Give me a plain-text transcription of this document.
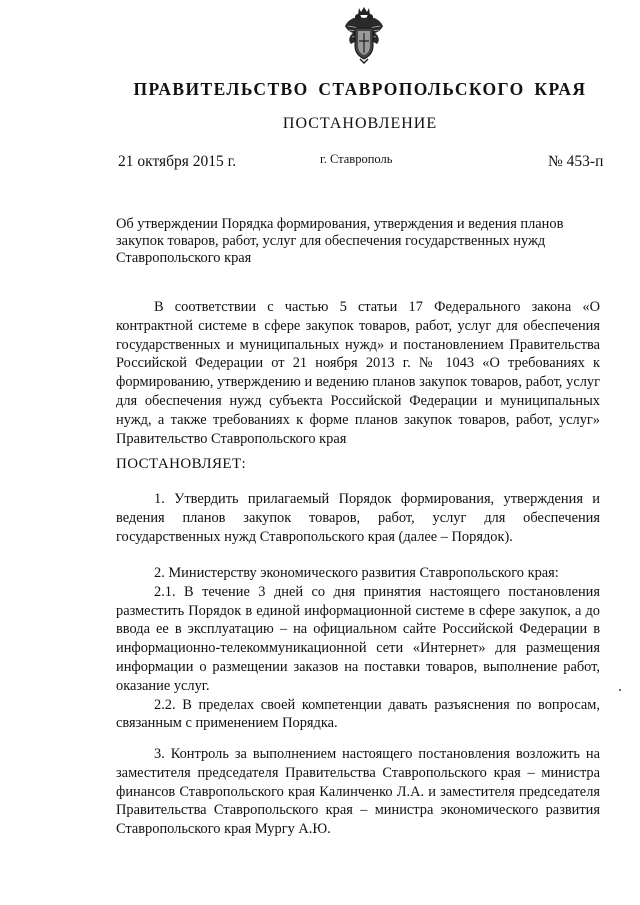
ПРАВИТЕЛЬСТВО СТАВРОПОЛЬСКОГО КРАЯ
ПОСТАНОВЛЕНИЕ
21 октября 2015 г.	г. Ставрополь	№ 453-п
Об утверждении Порядка формирования, утверждения и ведения планов закупок товаров, работ, услуг для обеспечения государственных нужд Ставропольского края

В соответствии с частью 5 статьи 17 Федерального закона «О контрактной системе в сфере закупок товаров, работ, услуг для обеспечения государственных и муниципальных нужд» и постановлением Правительства Российской Федерации от 21 ноября 2013 г. № 1043 «О требованиях к формированию, утверждению и ведению планов закупок товаров, работ, услуг для обеспечения нужд субъекта Российской Федерации и муниципальных нужд, а также требованиях к форме планов закупок товаров, работ, услуг» Правительство Ставропольского края

ПОСТАНОВЛЯЕТ:

1. Утвердить прилагаемый Порядок формирования, утверждения и ведения планов закупок товаров, работ, услуг для обеспечения государственных нужд Ставропольского края (далее – Порядок).

2. Министерству экономического развития Ставропольского края:

2.1. В течение 3 дней со дня принятия настоящего постановления разместить Порядок в единой информационной системе в сфере закупок, а до ввода ее в эксплуатацию – на официальном сайте Российской Федерации в информационно-телекоммуникационной сети «Интернет» для размещения информации о размещении заказов на поставки товаров, выполнение работ, оказание услуг.

2.2. В пределах своей компетенции давать разъяснения по вопросам, связанным с применением Порядка.

3. Контроль за выполнением настоящего постановления возложить на заместителя председателя Правительства Ставропольского края – министра финансов Ставропольского края Калинченко Л.А. и заместителя председателя Правительства Ставропольского края – министра экономического развития Ставропольского края Мургу А.Ю.
